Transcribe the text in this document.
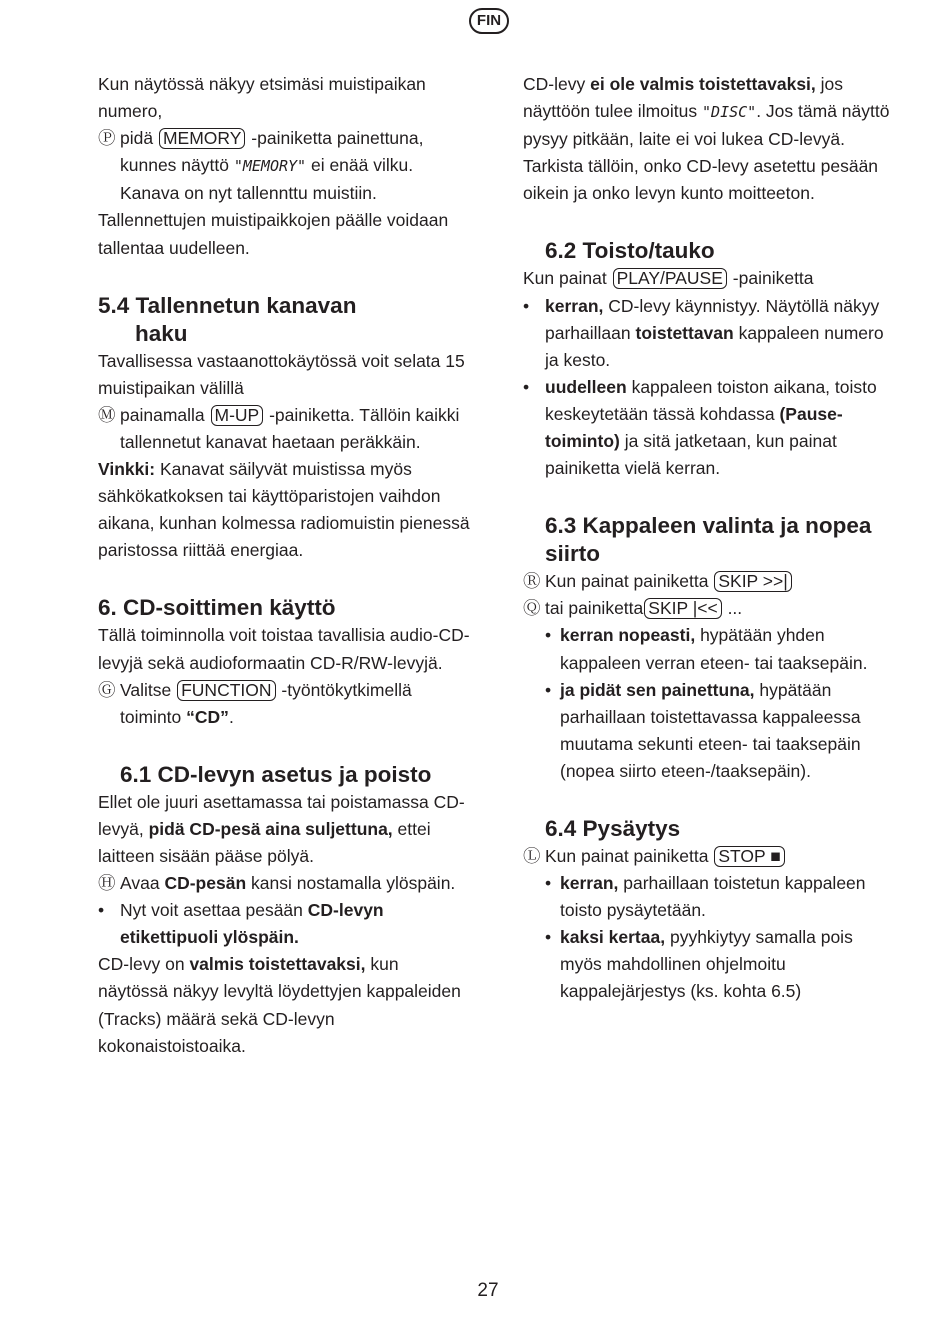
FIN

Kun näytössä näkyy etsimäsi muistipaikan numero,

Ⓟ pidä MEMORY -painiketta painettuna, kunnes näyttö "MEMORY" ei enää vilku. Kanava on nyt tallennttu muistiin.

Tallennettujen muistipaikkojen päälle voidaan tallentaa uudelleen.

5.4 Tallennetun kanavan

haku

Tavallisessa vastaanottokäytössä voit selata 15 muistipaikan välillä

Ⓜ painamalla M-UP -painiketta. Tällöin kaikki tallennetut kanavat haetaan peräkkäin.

Vinkki: Kanavat säilyvät muistissa myös sähkökatkoksen tai käyttöparistojen vaihdon aikana, kunhan kolmessa radiomuistin pienessä paristossa riittää energiaa.

6. CD-soittimen käyttö

Tällä toiminnolla voit toistaa tavallisia audio-CD-levyjä sekä audioformaatin CD-R/RW-levyjä.

Ⓖ Valitse FUNCTION -työntökytkimellä toiminto “CD”.

6.1 CD-levyn asetus ja poisto

Ellet ole juuri asettamassa tai poistamassa CD-levyä, pidä CD-pesä aina suljettuna, ettei laitteen sisään pääse pölyä.

Ⓗ Avaa CD-pesän kansi nostamalla ylöspäin.

• Nyt voit asettaa pesään CD-levyn etikettipuoli ylöspäin.

CD-levy on valmis toistettavaksi, kun näytössä näkyy levyltä löydettyjen kappaleiden (Tracks) määrä sekä CD-levyn kokonaistoistoaika.

CD-levy ei ole valmis toistettavaksi, jos näyttöön tulee ilmoitus "DISC". Jos tämä näyttö pysyy pitkään, laite ei voi lukea CD-levyä. Tarkista tällöin, onko CD-levy asetettu pesään oikein ja onko levyn kunto moitteeton.

6.2 Toisto/tauko

Kun painat PLAY/PAUSE -painiketta

• kerran, CD-levy käynnistyy. Näytöllä näkyy parhaillaan toistettavan kappaleen numero ja kesto.

• uudelleen kappaleen toiston aikana, toisto keskeytetään tässä kohdassa (Pause-toiminto) ja sitä jatketaan, kun painat painiketta vielä kerran.

6.3 Kappaleen valinta ja nopea siirto

Ⓡ Kun painat painiketta SKIP >>|

Ⓠ tai painiketta SKIP |<< ...

• kerran nopeasti, hypätään yhden kappaleen verran eteen- tai taaksepäin.

• ja pidät sen painettuna, hypätään parhaillaan toistettavassa kappaleessa muutama sekunti eteen- tai taaksepäin (nopea siirto eteen-/taaksepäin).

6.4 Pysäytys

Ⓛ Kun painat painiketta STOP ■

• kerran, parhaillaan toistetun kappaleen toisto pysäytetään.

• kaksi kertaa, pyyhkiytyy samalla pois myös mahdollinen ohjelmoitu kappalejärjestys (ks. kohta 6.5)

27
